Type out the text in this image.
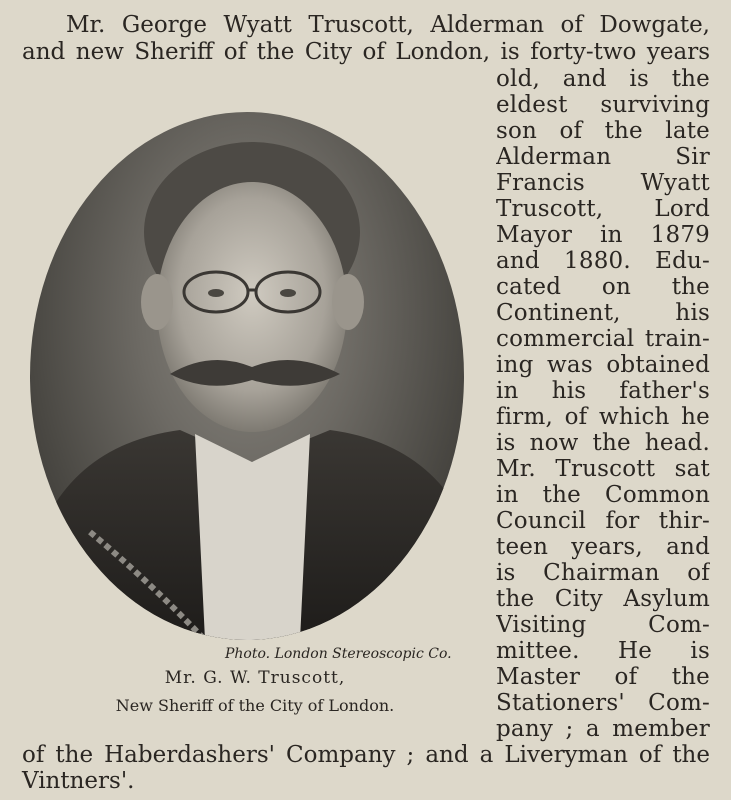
Mr. George Wyatt Truscott, Alderman of Dowgate,
and new Sheriff of the City of London, is forty-two years
old, and is the
eldest surviving
son of the late
Alderman Sir
Francis Wyatt
Truscott, Lord
Mayor in 1879
and 1880. Edu-
cated on the
Continent, his
commercial train-
ing was obtained
in his father's
firm, of which he
is now the head.
Mr. Truscott sat
in the Common
Council for thir-
teen years, and
is Chairman of
the City Asylum
Visiting Com-
mittee. He is
Master of the
Stationers' Com-
pany ; a member
Photo. London Stereoscopic Co.
Mr. G. W. Truscott,
New Sheriff of the City of London.
of the Haberdashers' Company ; and a Liveryman of the
Vintners'.
